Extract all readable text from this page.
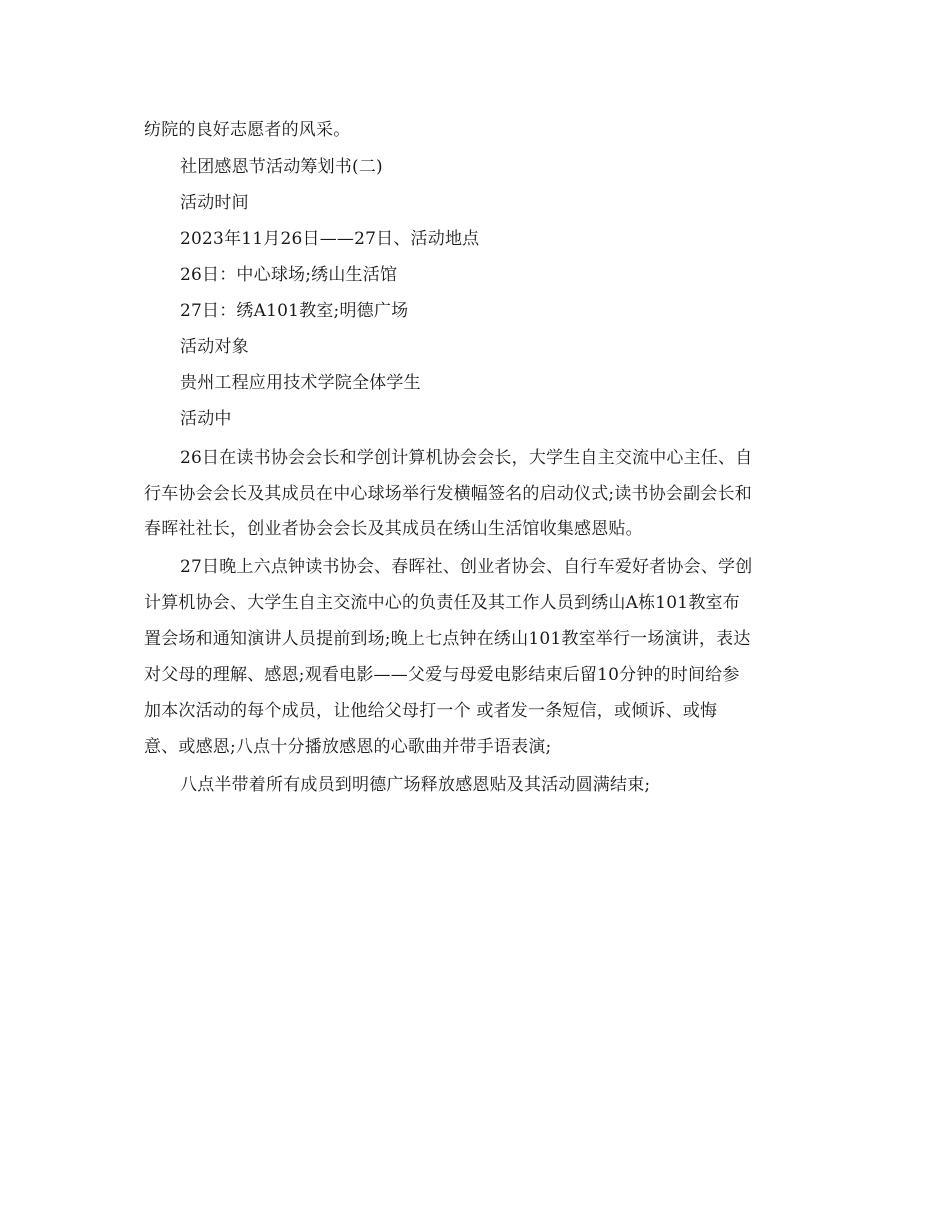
纺院的良好志愿者的风采。
社团感恩节活动筹划书(二)
活动时间
2023年11月26日——27日、活动地点
26日：中心球场;绣山生活馆
27日：绣A101教室;明德广场
活动对象
贵州工程应用技术学院全体学生
活动中
26日在读书协会会长和学创计算机协会会长，大学生自主交流中心主任、自
行车协会会长及其成员在中心球场举行发横幅签名的启动仪式;读书协会副会长和
春晖社社长，创业者协会会长及其成员在绣山生活馆收集感恩贴。
27日晚上六点钟读书协会、春晖社、创业者协会、自行车爱好者协会、学创
计算机协会、大学生自主交流中心的负责任及其工作人员到绣山A栋101教室布
置会场和通知演讲人员提前到场;晚上七点钟在绣山101教室举行一场演讲，表达
对父母的理解、感恩;观看电影——父爱与母爱电影结束后留10分钟的时间给参
加本次活动的每个成员，让他给父母打一个 或者发一条短信，或倾诉、或悔
意、或感恩;八点十分播放感恩的心歌曲并带手语表演;
八点半带着所有成员到明德广场释放感恩贴及其活动圆满结束;
